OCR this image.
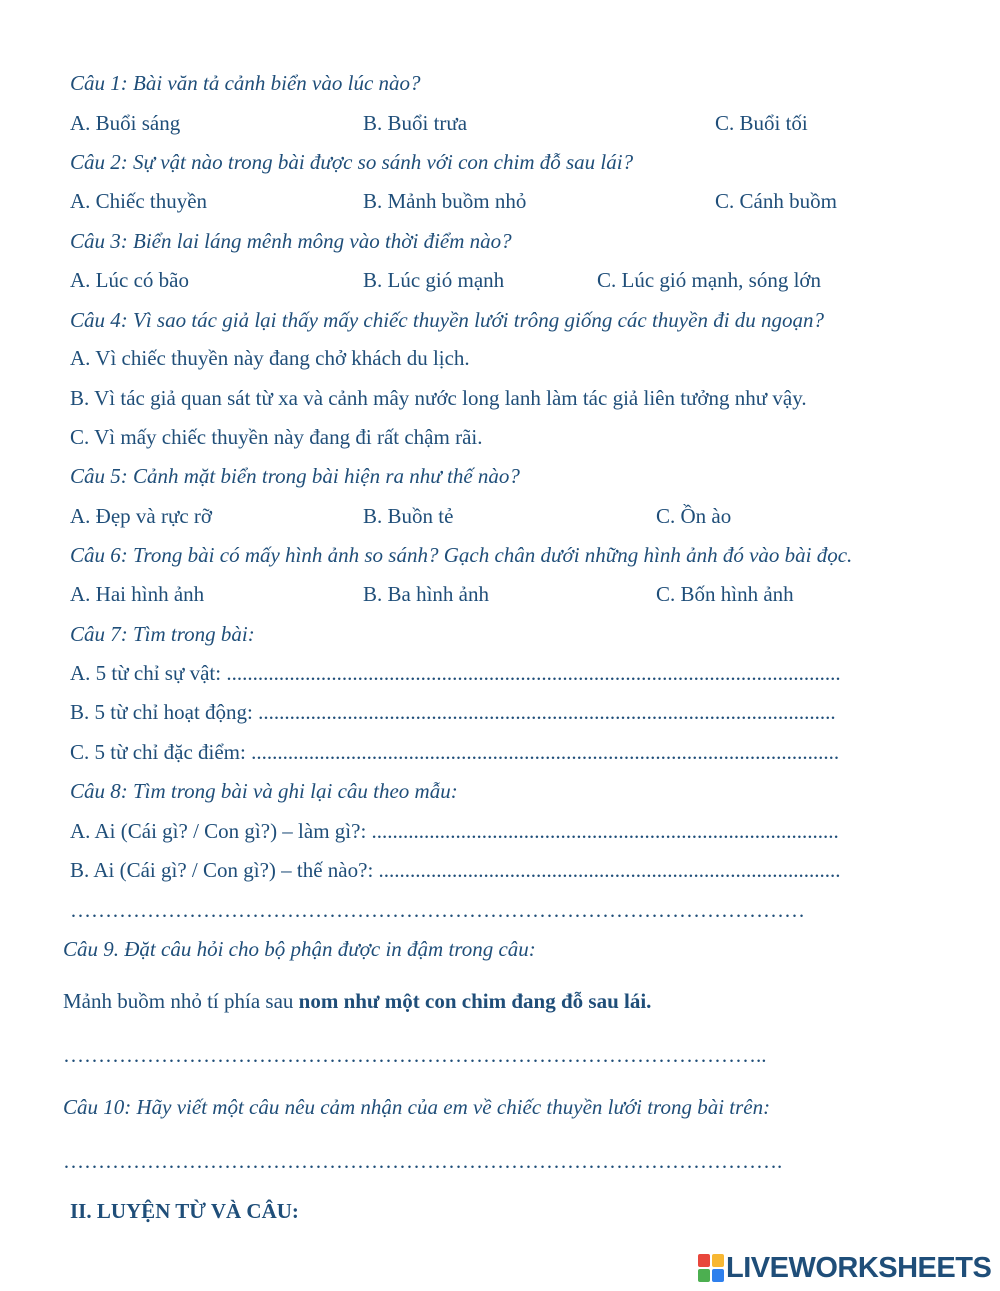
Câu 1: Bài văn tả cảnh biển vào lúc nào?
A. Buổi sáng	B. Buổi trưa	C. Buổi tối
Câu 2: Sự vật nào trong bài được so sánh với con chim đỗ sau lái?
A. Chiếc thuyền	B. Mảnh buồm nhỏ	C. Cánh buồm
Câu 3: Biển lai láng mênh mông vào thời điểm nào?
A. Lúc có bão	B. Lúc gió mạnh	C. Lúc gió mạnh, sóng lớn
Câu 4: Vì sao tác giả lại thấy mấy chiếc thuyền lưới trông giống các thuyền đi du ngoạn?
A. Vì chiếc thuyền này đang chở khách du lịch.
B. Vì tác giả quan sát từ xa và cảnh mây nước long lanh làm tác giả liên tưởng như vậy.
C. Vì mấy chiếc thuyền này đang đi rất chậm rãi.
Câu 5: Cảnh mặt biển trong bài hiện ra như thế nào?
A. Đẹp và rực rỡ	B. Buồn tẻ	C. Ồn ào
Câu 6: Trong bài có mấy hình ảnh so sánh? Gạch chân dưới những hình ảnh đó vào bài đọc.
A. Hai hình ảnh	B. Ba hình ảnh	C. Bốn hình ảnh
Câu 7: Tìm trong bài:
A. 5 từ chỉ sự vật: .....................................................................................................................
B. 5 từ chỉ hoạt động: ..............................................................................................................
C. 5 từ chỉ đặc điểm: ................................................................................................................
Câu 8: Tìm trong bài và ghi lại câu theo mẫu:
A. Ai (Cái gì? / Con gì?) – làm gì?: .........................................................................................
B. Ai (Cái gì? / Con gì?) – thế nào?: ........................................................................................
……………………………………………………………………………………………
Câu 9. Đặt câu hỏi cho bộ phận được in đậm trong câu:
Mảnh buồm nhỏ tí phía sau nom như một con chim đang đỗ sau lái.
………………………………………………………………………………………..
Câu 10: Hãy viết một câu nêu cảm nhận của em về chiếc thuyền lưới trong bài trên:
………………………………………………………………………………………….
II. LUYỆN TỪ VÀ CÂU:
LIVEWORKSHEETS
